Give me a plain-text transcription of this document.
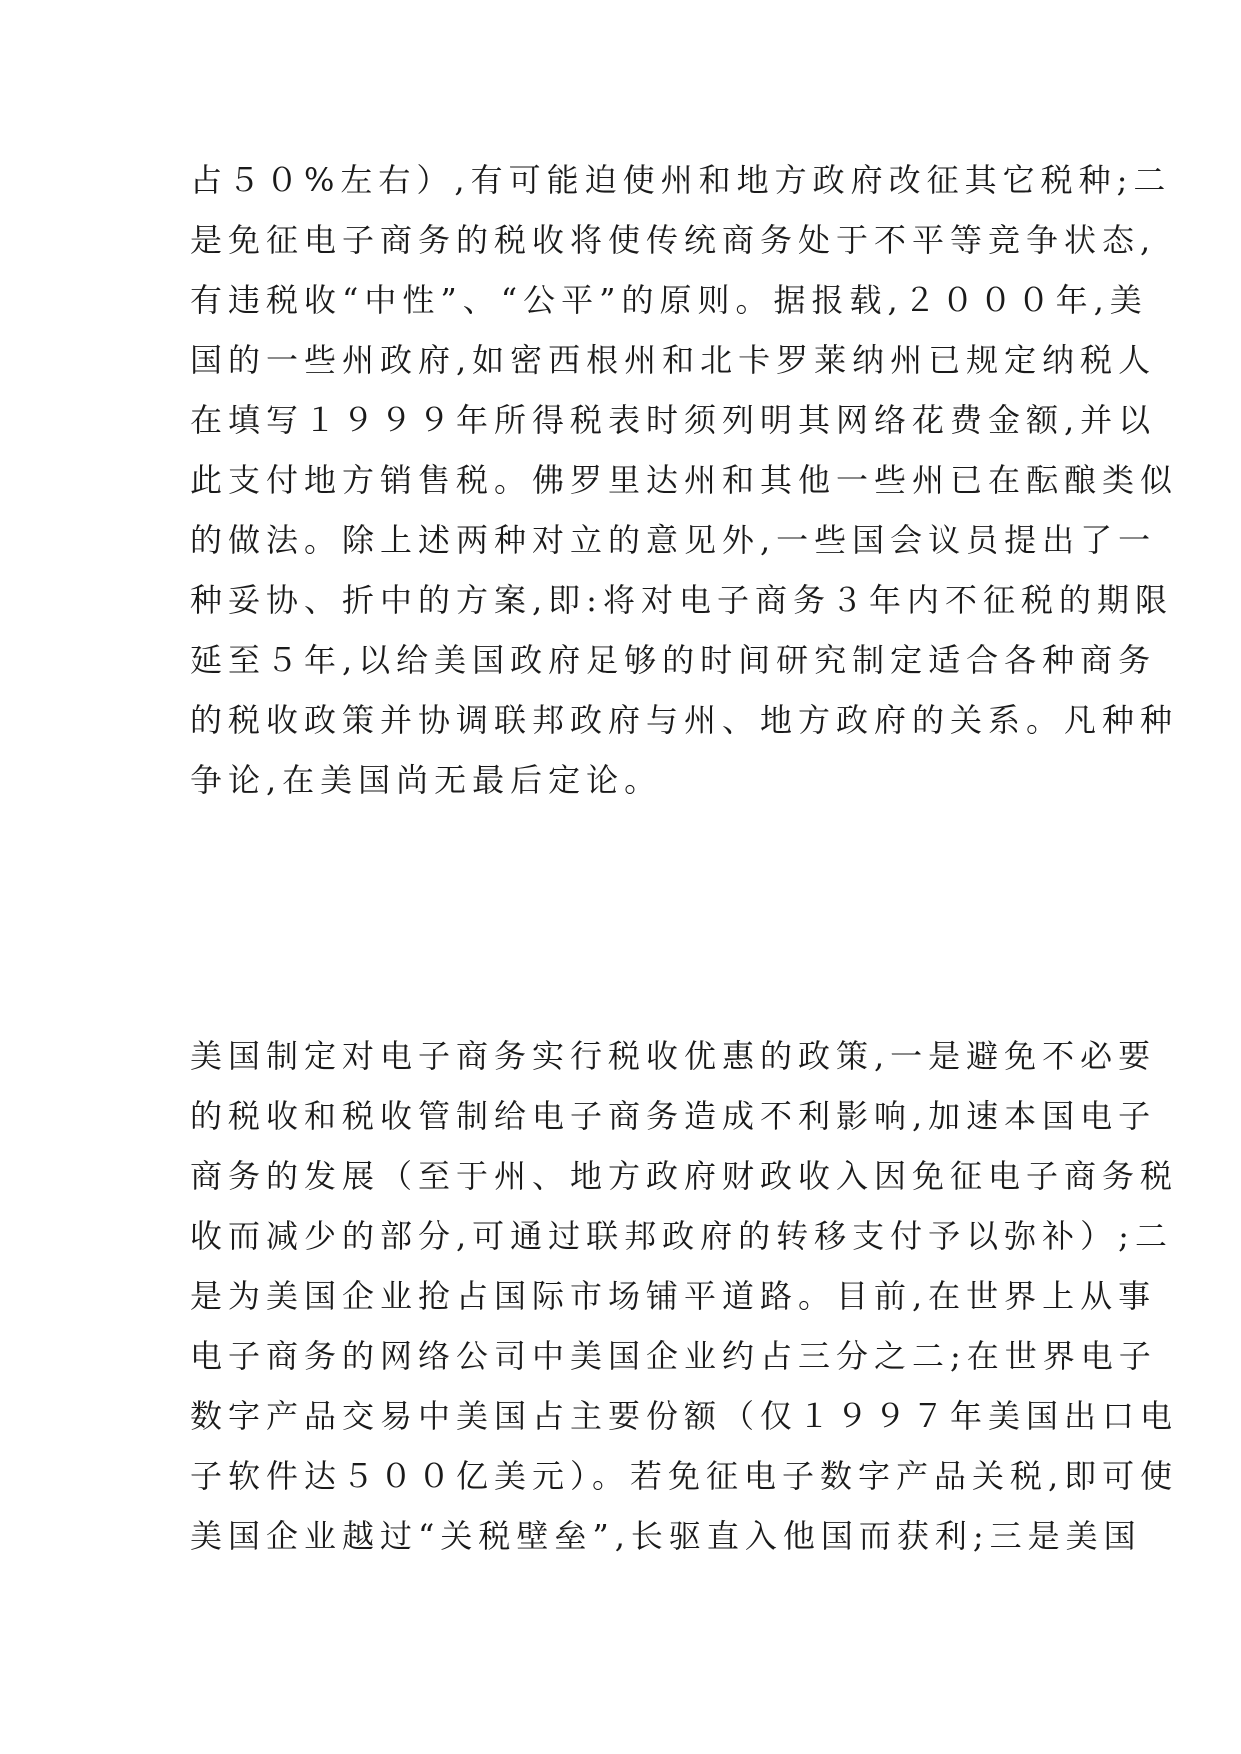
占５０%左右）,有可能迫使州和地方政府改征其它税种;二
是免征电子商务的税收将使传统商务处于不平等竞争状态,
有违税收“中性”、“公平”的原则。据报载,２０００年,美
国的一些州政府,如密西根州和北卡罗莱纳州已规定纳税人
在填写１９９９年所得税表时须列明其网络花费金额,并以
此支付地方销售税。佛罗里达州和其他一些州已在酝酿类似
的做法。除上述两种对立的意见外,一些国会议员提出了一
种妥协、折中的方案,即:将对电子商务３年内不征税的期限
延至５年,以给美国政府足够的时间研究制定适合各种商务
的税收政策并协调联邦政府与州、地方政府的关系。凡种种
争论,在美国尚无最后定论。
美国制定对电子商务实行税收优惠的政策,一是避免不必要
的税收和税收管制给电子商务造成不利影响,加速本国电子
商务的发展（至于州、地方政府财政收入因免征电子商务税
收而减少的部分,可通过联邦政府的转移支付予以弥补）;二
是为美国企业抢占国际市场铺平道路。目前,在世界上从事
电子商务的网络公司中美国企业约占三分之二;在世界电子
数字产品交易中美国占主要份额（仅１９９７年美国出口电
子软件达５００亿美元）。若免征电子数字产品关税,即可使
美国企业越过“关税壁垒”,长驱直入他国而获利;三是美国
